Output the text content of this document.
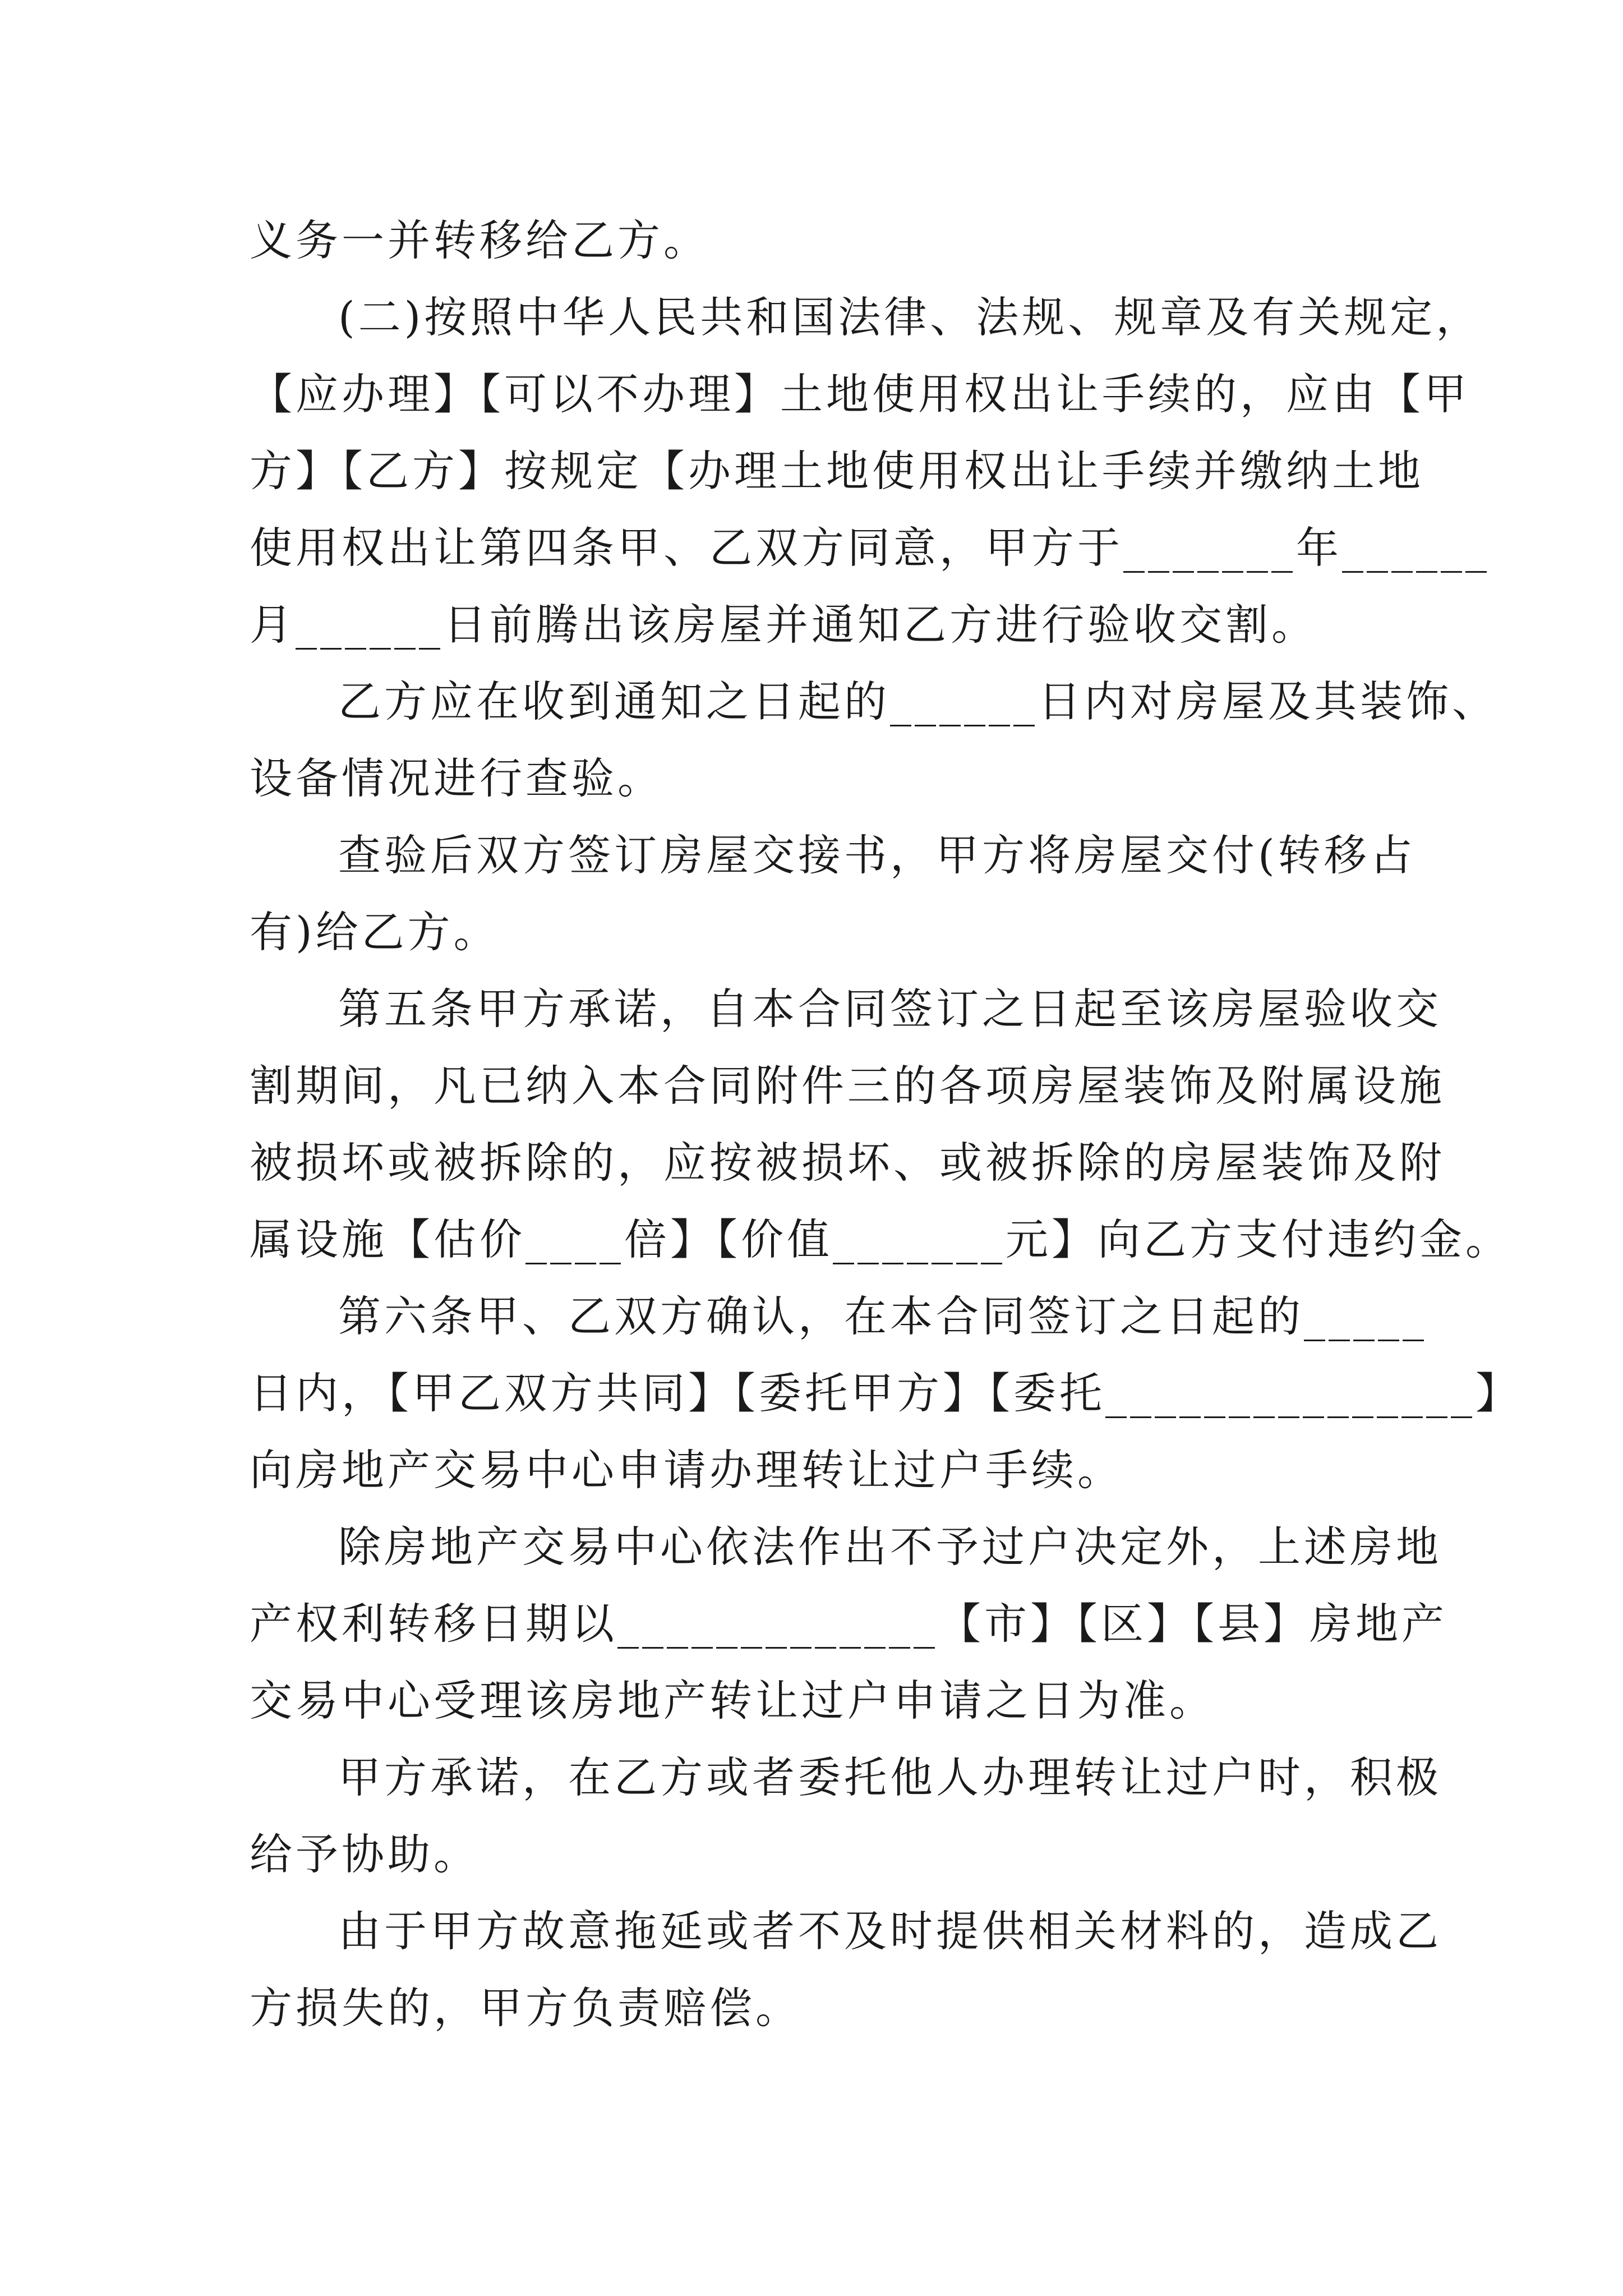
义务一并转移给乙方。
(二)按照中华人民共和国法律、法规、规章及有关规定，
【应办理】【可以不办理】土地使用权出让手续的，应由【甲
方】【乙方】按规定【办理土地使用权出让手续并缴纳土地
使用权出让第四条甲、乙双方同意，甲方于_______年______
月______日前腾出该房屋并通知乙方进行验收交割。
乙方应在收到通知之日起的______日内对房屋及其装饰、
设备情况进行查验。
查验后双方签订房屋交接书，甲方将房屋交付(转移占
有)给乙方。
第五条甲方承诺，自本合同签订之日起至该房屋验收交
割期间，凡已纳入本合同附件三的各项房屋装饰及附属设施
被损坏或被拆除的，应按被损坏、或被拆除的房屋装饰及附
属设施【估价____倍】【价值_______元】向乙方支付违约金。
第六条甲、乙双方确认，在本合同签订之日起的_____
日内，【甲乙双方共同】【委托甲方】【委托_______________】
向房地产交易中心申请办理转让过户手续。
除房地产交易中心依法作出不予过户决定外，上述房地
产权利转移日期以_____________【市】【区】【县】房地产
交易中心受理该房地产转让过户申请之日为准。
甲方承诺，在乙方或者委托他人办理转让过户时，积极
给予协助。
由于甲方故意拖延或者不及时提供相关材料的，造成乙
方损失的，甲方负责赔偿。
